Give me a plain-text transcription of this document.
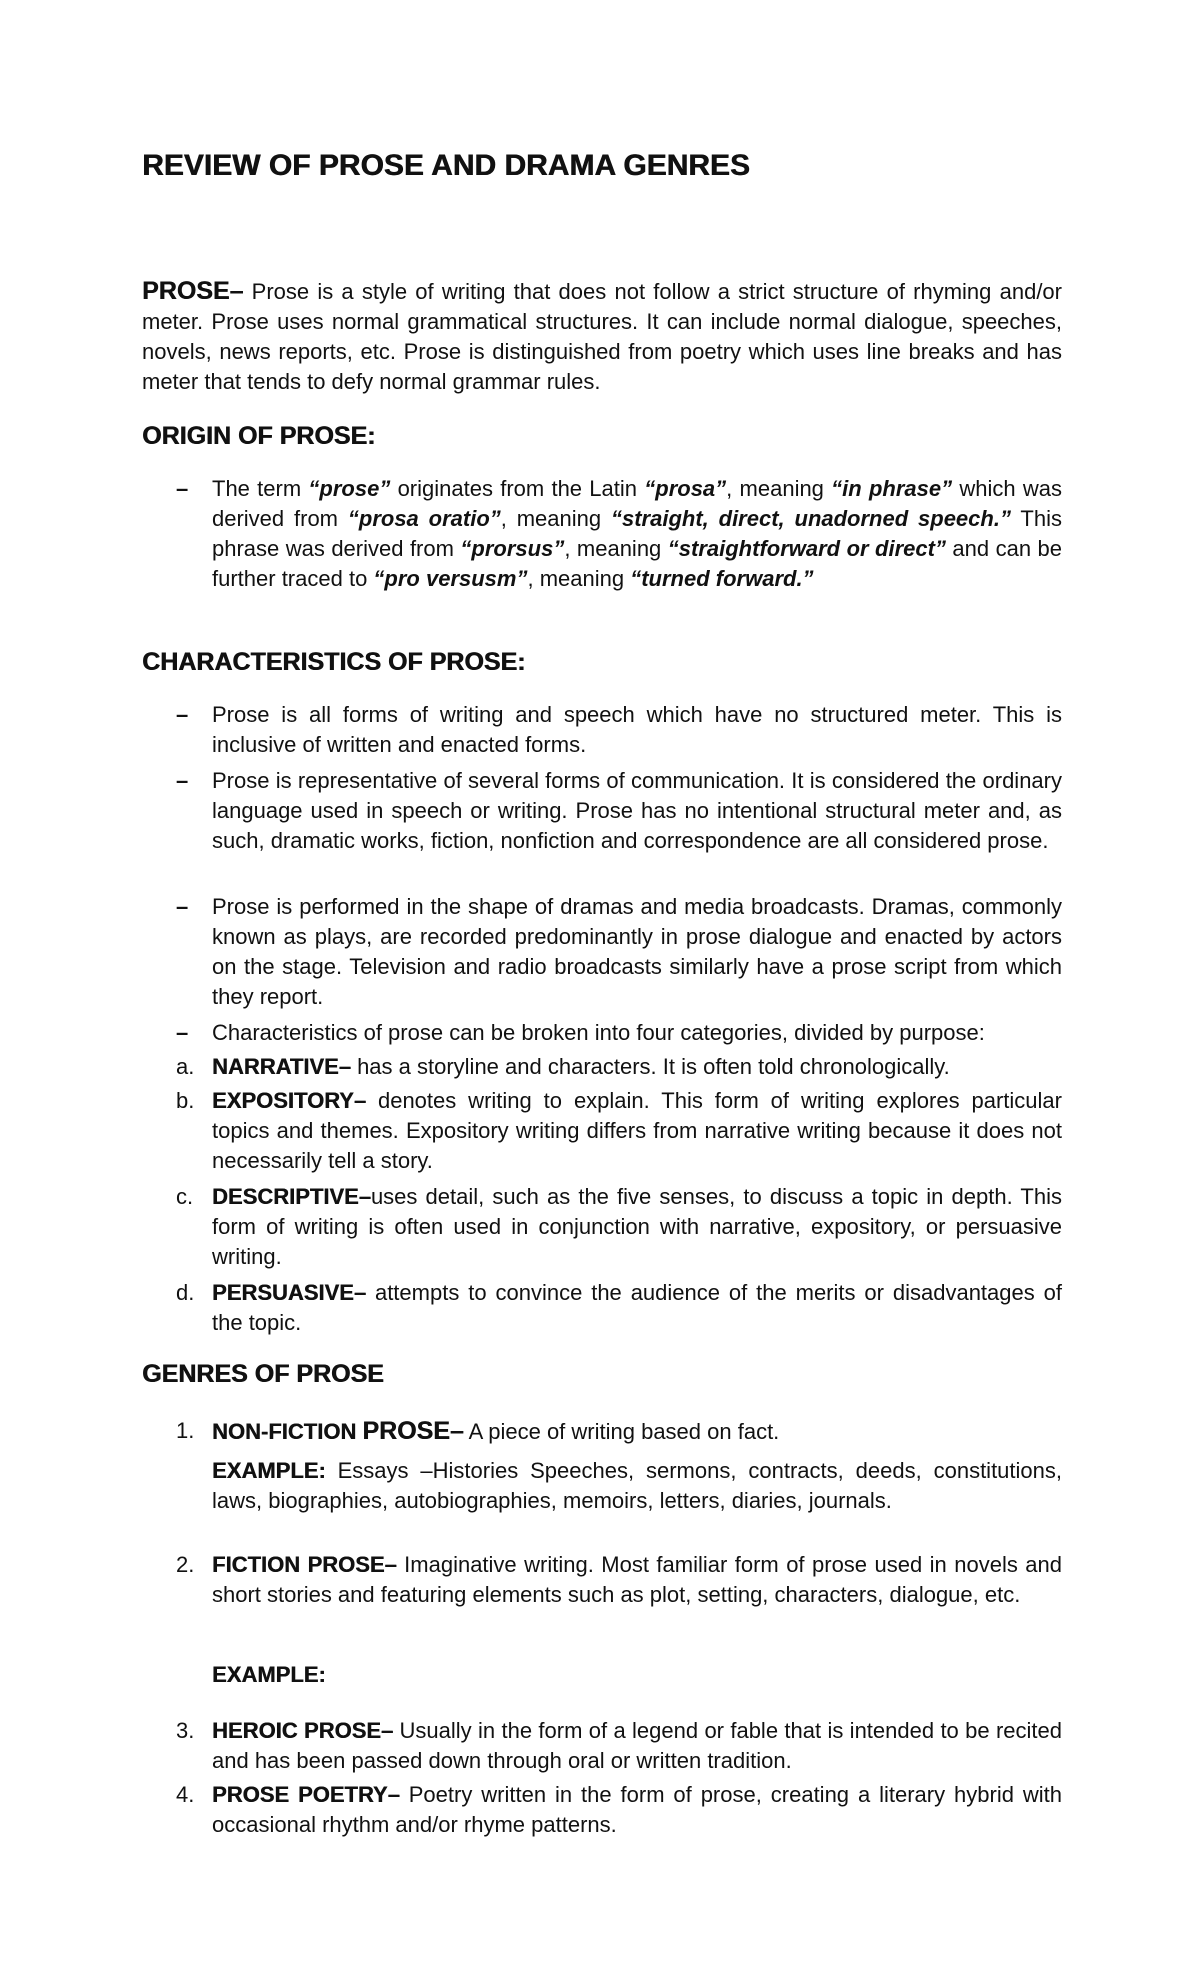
REVIEW OF PROSE AND DRAMA GENRES
PROSE– Prose is a style of writing that does not follow a strict structure of rhyming and/or meter. Prose uses normal grammatical structures. It can include normal dialogue, speeches, novels, news reports, etc. Prose is distinguished from poetry which uses line breaks and has meter that tends to defy normal grammar rules.
ORIGIN OF PROSE:
–	The term “prose” originates from the Latin “prosa”, meaning “in phrase” which was derived from “prosa oratio”, meaning “straight, direct, unadorned speech.” This phrase was derived from “prorsus”, meaning “straightforward or direct” and can be further traced to “pro versusm”, meaning “turned forward.”
CHARACTERISTICS OF PROSE:
–	Prose is all forms of writing and speech which have no structured meter. This is inclusive of written and enacted forms.
–	Prose is representative of several forms of communication. It is considered the ordinary language used in speech or writing. Prose has no intentional structural meter and, as such, dramatic works, fiction, nonfiction and correspondence are all considered prose.
–	Prose is performed in the shape of dramas and media broadcasts. Dramas, commonly known as plays, are recorded predominantly in prose dialogue and enacted by actors on the stage. Television and radio broadcasts similarly have a prose script from which they report.
–	Characteristics of prose can be broken into four categories, divided by purpose:
a. NARRATIVE– has a storyline and characters. It is often told chronologically.
b. EXPOSITORY– denotes writing to explain. This form of writing explores particular topics and themes. Expository writing differs from narrative writing because it does not necessarily tell a story.
c. DESCRIPTIVE–uses detail, such as the five senses, to discuss a topic in depth. This form of writing is often used in conjunction with narrative, expository, or persuasive writing.
d. PERSUASIVE– attempts to convince the audience of the merits or disadvantages of the topic.
GENRES OF PROSE
1. NON-FICTION PROSE– A piece of writing based on fact.
EXAMPLE: Essays –Histories Speeches, sermons, contracts, deeds, constitutions, laws, biographies, autobiographies, memoirs, letters, diaries, journals.
2. FICTION PROSE– Imaginative writing. Most familiar form of prose used in novels and short stories and featuring elements such as plot, setting, characters, dialogue, etc.
EXAMPLE:
3. HEROIC PROSE– Usually in the form of a legend or fable that is intended to be recited and has been passed down through oral or written tradition.
4. PROSE POETRY– Poetry written in the form of prose, creating a literary hybrid with occasional rhythm and/or rhyme patterns.
